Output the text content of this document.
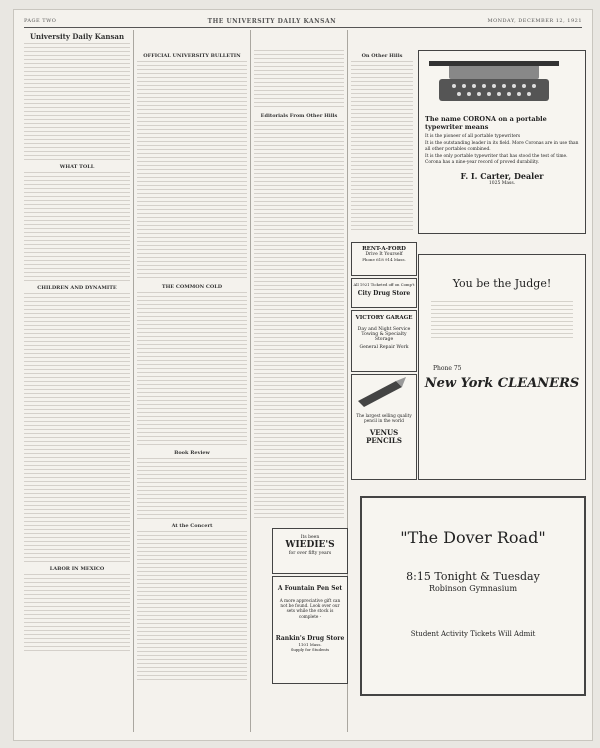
PAGE TWO	THE UNIVERSITY DAILY KANSAN	MONDAY, DECEMBER 12, 1921
University Daily Kansan
WHAT TOLL
CHILDREN AND DYNAMITE
LABOR IN MEXICO
OFFICIAL UNIVERSITY BULLETIN
THE COMMON COLD
Book Review
At the Concert
Editorials From Other Hills
On Other Hills
The name CORONA on a portable typewriter means
It is the pioneer of all portable typewriters
It is the outstanding leader in its field. More Coronas are in use than all other portables combined.
It is the only portable typewriter that has stood the test of time. Corona has a nine-year record of proved durability.
F. I. Carter, Dealer
1025 Mass.
RENT-A-FORD
Drive It Yourself
Phone 618 914 Mass.
All 1921 Ticketed off on Comp't
City Drug Store
VICTORY GARAGE
Day and Night Service
Towing & Specialty Storage
General Repair Work
The largest selling quality pencil in the world
VENUS PENCILS
You be the Judge!
Phone 75
New York CLEANERS
Its been
WIEDIE'S
for over fifty years
A Fountain Pen Set
A more appreciative gift can not be found. Look over our sets while the stock is complete -
Rankin's Drug Store
1101 Mass.
Supply for Students
"The Dover Road"
8:15 Tonight & Tuesday
Robinson Gymnasium
Student Activity Tickets Will Admit
